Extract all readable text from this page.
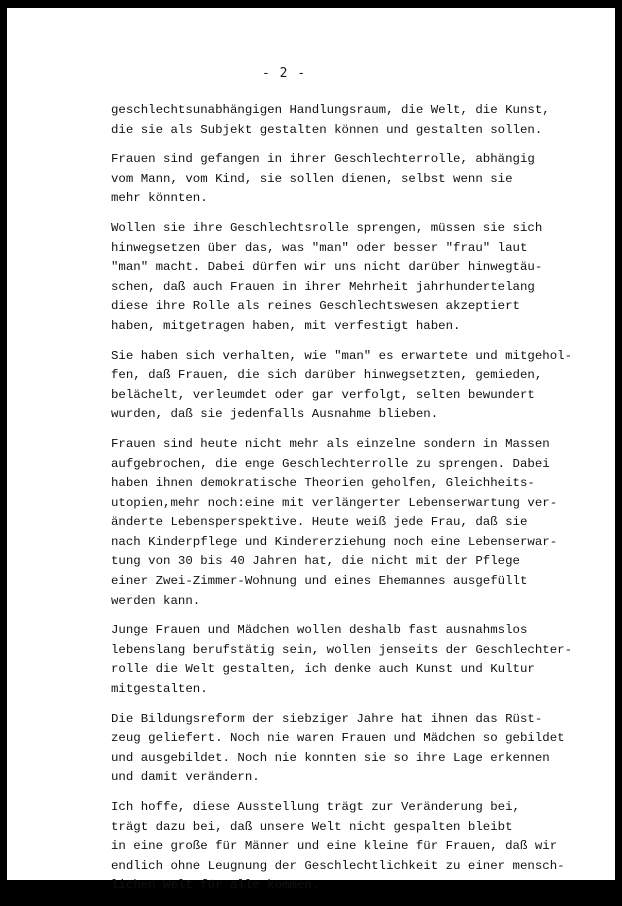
- 2 -
geschlechtsunabhängigen Handlungsraum, die Welt, die Kunst,
die sie als Subjekt gestalten können und gestalten sollen.
Frauen sind gefangen in ihrer Geschlechterrolle, abhängig
vom Mann, vom Kind, sie sollen dienen, selbst wenn sie
mehr könnten.
Wollen sie ihre Geschlechtsrolle sprengen, müssen sie sich
hinwegsetzen über das, was "man" oder besser "frau" laut
"man" macht. Dabei dürfen wir uns nicht darüber hinwegtäu-
schen, daß auch Frauen in ihrer Mehrheit jahrhundertelang
diese ihre Rolle als reines Geschlechtswesen akzeptiert
haben, mitgetragen haben, mit verfestigt haben.
Sie haben sich verhalten, wie "man" es erwartete und mitgehol-
fen, daß Frauen, die sich darüber hinwegsetzten, gemieden,
belächelt, verleumdet oder gar verfolgt, selten bewundert
wurden, daß sie jedenfalls Ausnahme blieben.
Frauen sind heute nicht mehr als einzelne sondern in Massen
aufgebrochen, die enge Geschlechterrolle zu sprengen. Dabei
haben ihnen demokratische Theorien geholfen, Gleichheits-
utopien,mehr noch:eine mit verlängerter Lebenserwartung ver-
änderte Lebensperspektive. Heute weiß jede Frau, daß sie
nach Kinderpflege und Kindererziehung noch eine Lebenserwar-
tung von 30 bis 40 Jahren hat, die nicht mit der Pflege
einer Zwei-Zimmer-Wohnung und eines Ehemannes ausgefüllt
werden kann.
Junge Frauen und Mädchen wollen deshalb fast ausnahmslos
lebenslang berufstätig sein, wollen jenseits der Geschlechter-
rolle die Welt gestalten, ich denke auch Kunst und Kultur
mitgestalten.
Die Bildungsreform der siebziger Jahre hat ihnen das Rüst-
zeug geliefert. Noch nie waren Frauen und Mädchen so gebildet
und ausgebildet. Noch nie konnten sie so ihre Lage erkennen
und damit verändern.
Ich hoffe, diese Ausstellung trägt zur Veränderung bei,
trägt dazu bei, daß unsere Welt nicht gespalten bleibt
in eine große für Männer und eine kleine für Frauen, daß wir
endlich ohne Leugnung der Geschlechtlichkeit zu einer mensch-
lichen Welt für alle kommen.
